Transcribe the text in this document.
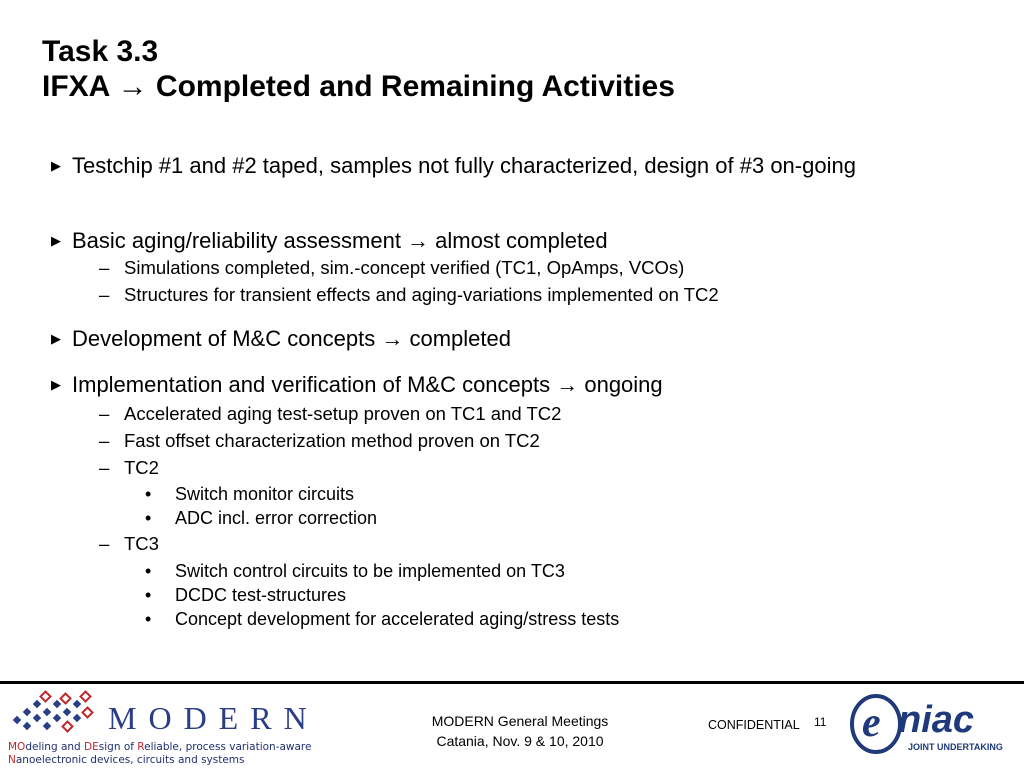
Task 3.3
IFXA → Completed and Remaining Activities
▶ Testchip #1 and #2 taped, samples not fully characterized, design of #3 on-going
▶ Basic aging/reliability assessment → almost completed
– Simulations completed, sim.-concept verified (TC1, OpAmps, VCOs)
– Structures for transient effects and aging-variations implemented on TC2
▶ Development of M&C concepts → completed
▶ Implementation and verification of M&C concepts → ongoing
– Accelerated aging test-setup proven on TC1 and TC2
– Fast offset characterization method proven on TC2
– TC2
• Switch monitor circuits
• ADC incl. error correction
– TC3
• Switch control circuits to be implemented on TC3
• DCDC test-structures
• Concept development for accelerated aging/stress tests
MODERN
MOdeling and DEsign of Reliable, process variation-aware
Nanoelectronic devices, circuits and systems
MODERN General Meetings
Catania, Nov. 9 & 10, 2010
CONFIDENTIAL 11 e niac
JOINT UNDERTAKING
